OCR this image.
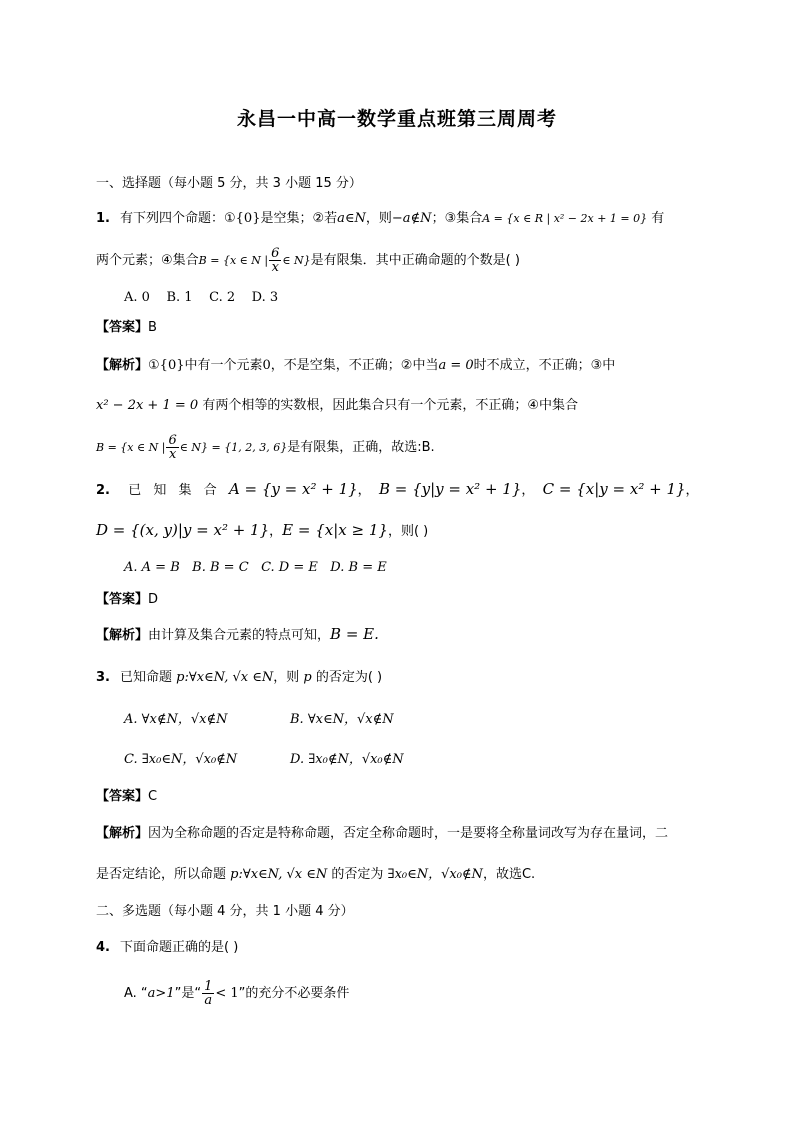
永昌一中高一数学重点班第三周周考
一、选择题（每小题 5 分，共 3 小题 15 分）
1. 有下列四个命题：①{0}是空集；②若a∈N，则−a∉N；③集合A = {x ∈ R | x² − 2x + 1 = 0} 有
两个元素；④集合B = {x ∈ N | $\frac{6}{x}$ ∈ N}是有限集．其中正确命题的个数是( )
A. 0 B. 1 C. 2 D. 3
【答案】B
【解析】①{0}中有一个元素0，不是空集，不正确；②中当a = 0时不成立，不正确；③中
x² − 2x + 1 = 0 有两个相等的实数根，因此集合只有一个元素，不正确；④中集合
B = {x ∈ N | $\frac{6}{x}$ ∈ N} = {1, 2, 3, 6}是有限集，正确，故选:B.
2. 已 知 集 合 A = {y = x² + 1}，  B = {y|y = x² + 1}，  C = {x|y = x² + 1}，
D = {(x, y)|y = x² + 1}，E = {x|x ≥ 1}，则( )
A. A = B B. B = C C. D = E D. B = E
【答案】D
【解析】由计算及集合元素的特点可知，B = E.
3. 已知命题 p:∀x∈N, √x ∈N，则 p 的否定为( )
A. ∀x∉N，√x∉N	B. ∀x∈N，√x∉N
C. ∃x₀∈N，√x₀∉N	D. ∃x₀∉N，√x₀∉N
【答案】C
【解析】因为全称命题的否定是特称命题，否定全称命题时，一是要将全称量词改写为存在量词，二
是否定结论，所以命题 p:∀x∈N, √x ∈N 的否定为 ∃x₀∈N，√x₀∉N，故选C.
二、多选题（每小题 4 分，共 1 小题 4 分）
4. 下面命题正确的是( )
A. “a>1”是“ $\frac{1}{a} < 1$”的充分不必要条件
